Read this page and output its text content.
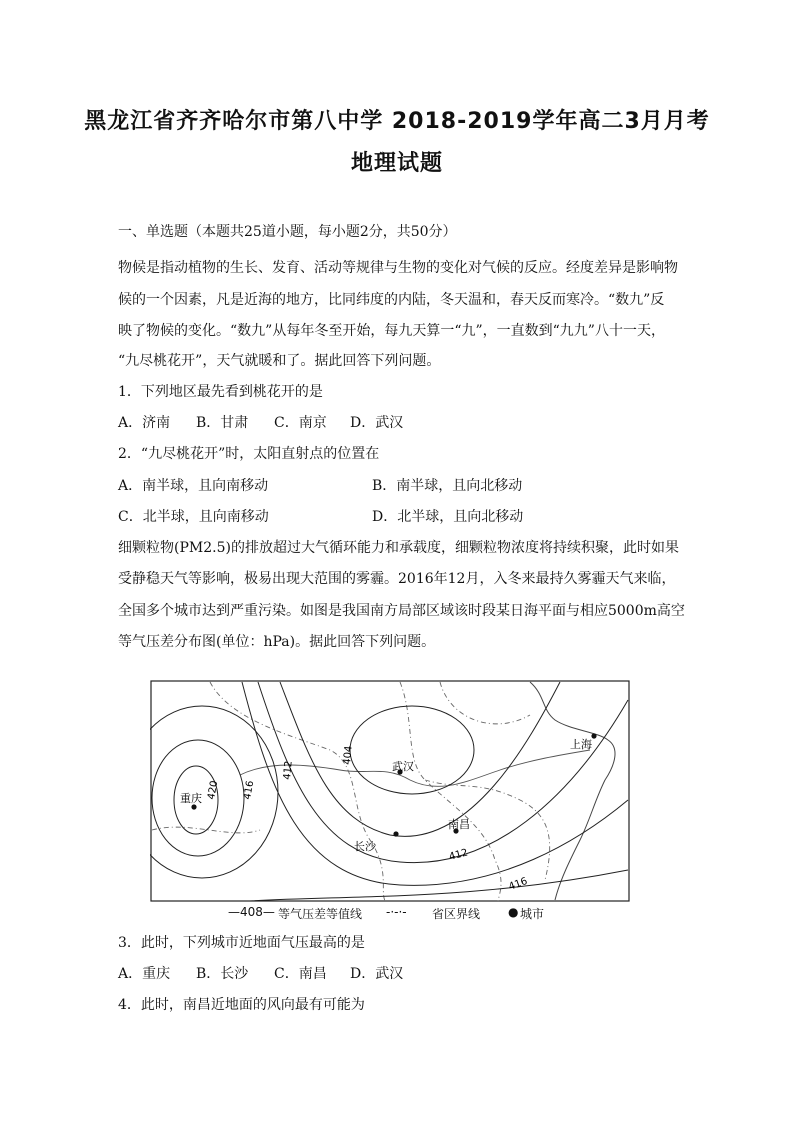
黑龙江省齐齐哈尔市第八中学 2018-2019学年高二3月月考
地理试题
一、单选题（本题共25道小题，每小题2分，共50分）
物候是指动植物的生长、发育、活动等规律与生物的变化对气候的反应。经度差异是影响物
候的一个因素，凡是近海的地方，比同纬度的内陆，冬天温和，春天反而寒冷。“数九”反
映了物候的变化。“数九”从每年冬至开始，每九天算一“九”，一直数到“九九”八十一天，
“九尽桃花开”，天气就暖和了。据此回答下列问题。
1．下列地区最先看到桃花开的是
A．济南 B．甘肃 C．南京 D．武汉
2．“九尽桃花开”时，太阳直射点的位置在
A．南半球，且向南移动	B．南半球，且向北移动
C．北半球，且向南移动	D．北半球，且向北移动
细颗粒物(PM2.5)的排放超过大气循环能力和承载度，细颗粒物浓度将持续积聚，此时如果
受静稳天气等影响，极易出现大范围的雾霾。2016年12月，入冬来最持久雾霾天气来临，
全国多个城市达到严重污染。如图是我国南方局部区域该时段某日海平面与相应5000m高空
等气压差分布图(单位：hPa)。据此回答下列问题。
重庆
武汉
上海
南昌
长沙
420 416
412
404
412
416
—408— 等气压差等值线 -·-·- 省区界线 ● 城市
3．此时，下列城市近地面气压最高的是
A．重庆 B．长沙 C．南昌 D．武汉
4．此时，南昌近地面的风向最有可能为
